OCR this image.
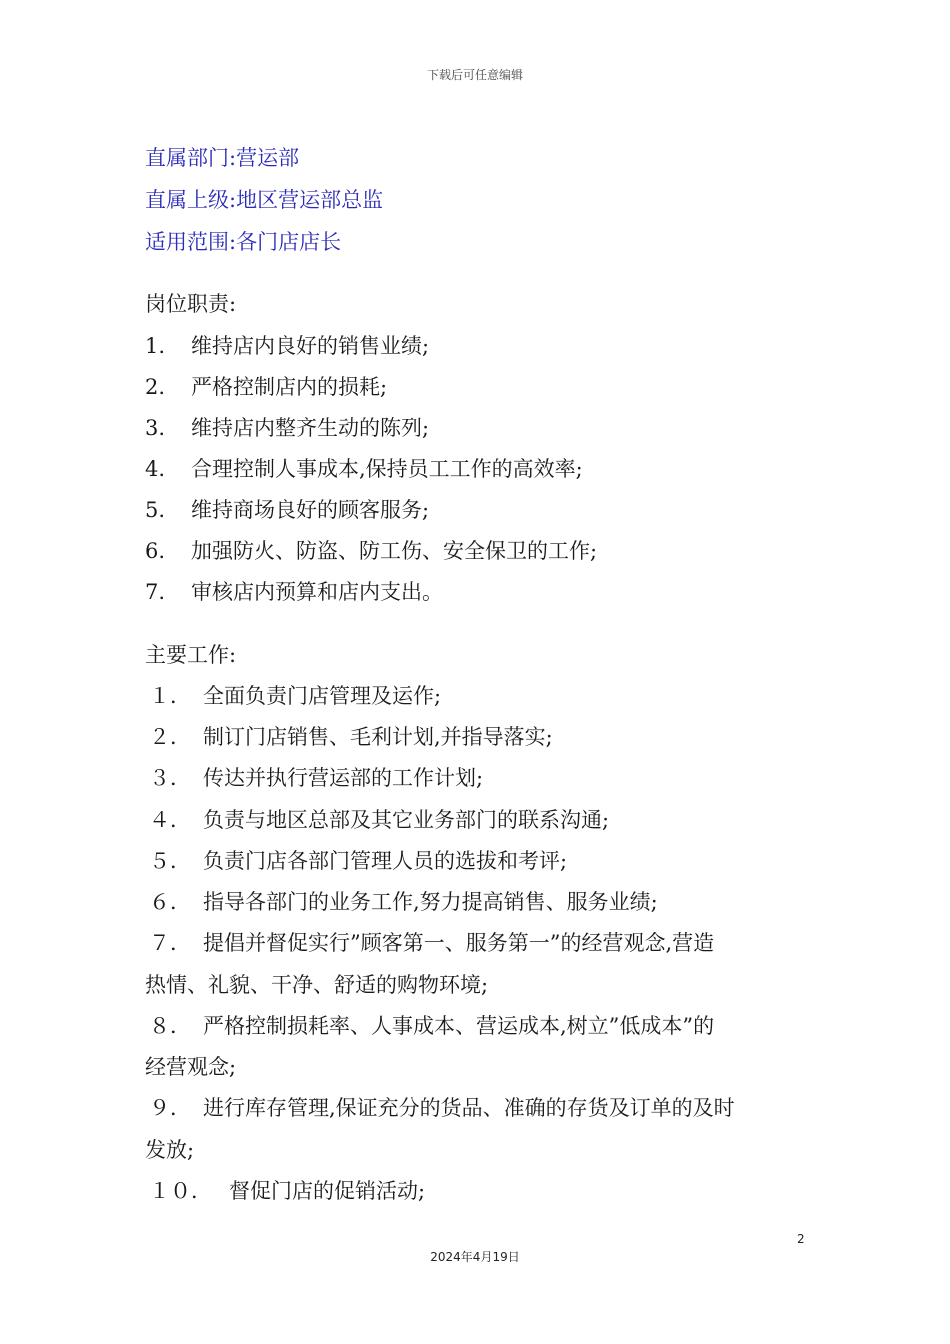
下载后可任意编辑
直属部门:营运部
直属上级:地区营运部总监
适用范围:各门店店长
岗位职责:
1. 维持店内良好的销售业绩;
2. 严格控制店内的损耗;
3. 维持店内整齐生动的陈列;
4. 合理控制人事成本,保持员工工作的高效率;
5. 维持商场良好的顾客服务;
6. 加强防火、防盗、防工伤、安全保卫的工作;
7. 审核店内预算和店内支出。
主要工作:
１． 全面负责门店管理及运作;
２． 制订门店销售、毛利计划,并指导落实;
３． 传达并执行营运部的工作计划;
４． 负责与地区总部及其它业务部门的联系沟通;
５． 负责门店各部门管理人员的选拔和考评;
６． 指导各部门的业务工作,努力提高销售、服务业绩;
７． 提倡并督促实行”顾客第一、服务第一”的经营观念,营造
热情、礼貌、干净、舒适的购物环境;
８． 严格控制损耗率、人事成本、营运成本,树立”低成本”的
经营观念;
９． 进行库存管理,保证充分的货品、准确的存货及订单的及时
发放;
１０． 督促门店的促销活动;
2
2024年4月19日
